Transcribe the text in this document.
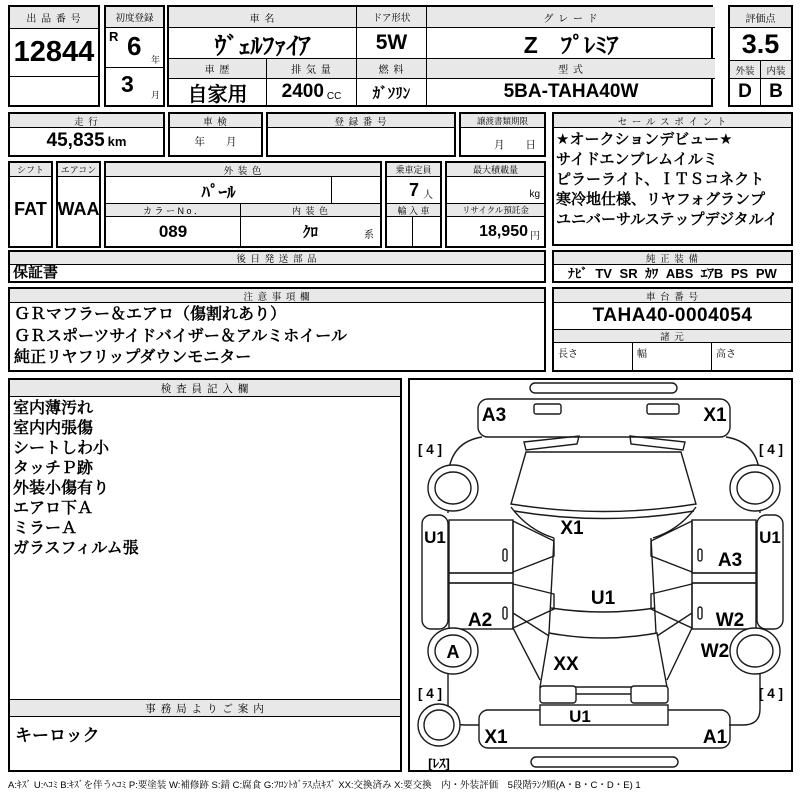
出 品 番 号
12844
初度登録
R 6 年
3 月
車 名	ドア形状	グ レ ー ド
ｳﾞｪﾙﾌｧｲｱ	5W	Z　ﾌﾟﾚﾐｱ
車 歴	排 気 量	燃 料	型 式
自家用	2400 CC	ｶﾞｿﾘﾝ	5BA-TAHA40W
評価点
3.5
外装	内装
D B
走 行
45,835 km
車 検
年　　月
登 録 番 号	譲渡書類期限
月　　日
セ ー ル ス ポ イ ン ト
★オークションデビュー★
サイドエンブレムイルミ
ピラーライト、ＩＴＳコネクト
寒冷地仕様、リヤフォグランプ
ユニバーサルステップデジタルイ
シフト
FAT
エアコン
WAA
外 装 色
ﾊﾟｰﾙ
カ ラ ー N o ．	内 装 色
089	ｸﾛ	系
乗車定員
7 人
輸 入 車
最大積載量
kg
リサイクル預託金
18,950 円
後 日 発 送 部 品
保証書
純 正 装 備
ﾅﾋﾞ TV SR ｶﾜ ABS ｴｱB PS PW
注 意 事 項 欄
ＧＲマフラー＆エアロ（傷割れあり）
ＧＲスポーツサイドバイザー＆アルミホイール
純正リヤフリップダウンモニター
車 台 番 号
TAHA40-0004054
諸 元
長さ	幅	高さ
検 査 員 記 入 欄
室内薄汚れ
室内内張傷
シートしわ小
タッチＰ跡
外装小傷有り
エアロ下Ａ
ミラーＡ
ガラスフィルム張
事 務 局 よ り ご 案 内
キーロック
A3	X1
[ 4 ]	[ 4 ]
U1	U1
X1
A2
A3
W2
U1
A	W2
XX
[ 4 ]	[ 4 ]
U1
X1	A1
[ﾚｽ]
A:ｷｽﾞ U:ﾍｺﾐ B:ｷｽﾞを伴うﾍｺﾐ P:要塗装 W:補修跡 S:錆 C:腐食 G:ﾌﾛﾝﾄｶﾞﾗｽ点ｷｽﾞ XX:交換済み X:要交換　内・外装評価　5段階ﾗﾝｸ順(A・B・C・D・E) 1
